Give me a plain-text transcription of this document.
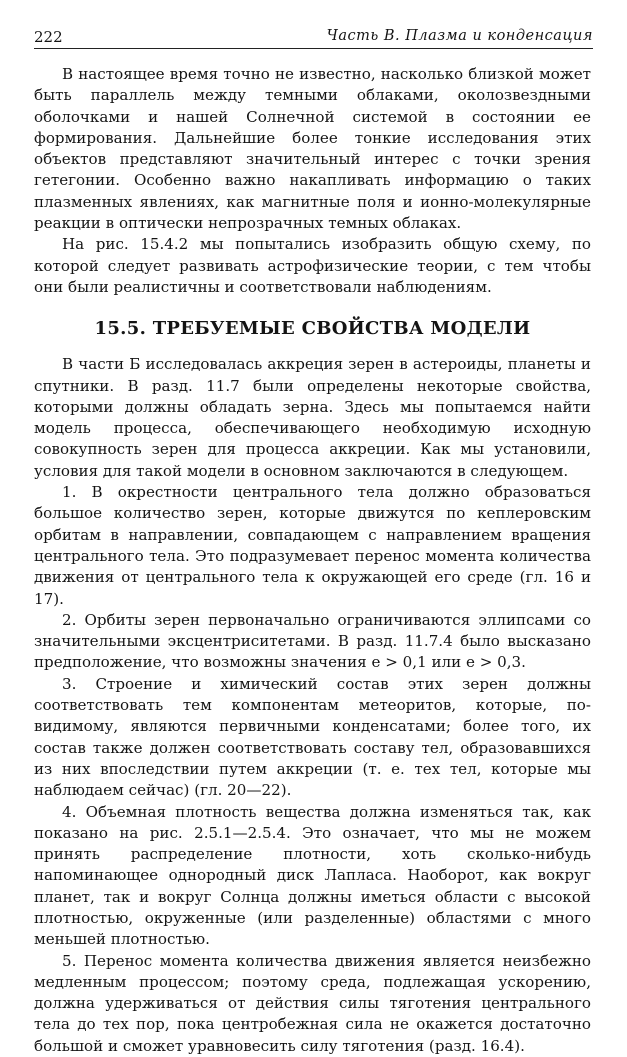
222	Часть В. Плазма и конденсация

В настоящее время точно не известно, насколько близкой может быть параллель между темными облаками, околозвездными оболочками и нашей Солнечной системой в состоянии ее формирования. Дальнейшие более тонкие исследования этих объектов представляют значительный интерес с точки зрения гетегонии. Особенно важно накапливать информацию о таких плазменных явлениях, как магнитные поля и ионно-молекулярные реакции в оптически непрозрачных темных облаках.

На рис. 15.4.2 мы попытались изобразить общую схему, по которой следует развивать астрофизические теории, с тем чтобы они были реалистичны и соответствовали наблюдениям.

15.5. ТРЕБУЕМЫЕ СВОЙСТВА МОДЕЛИ

В части Б исследовалась аккреция зерен в астероиды, планеты и спутники. В разд. 11.7 были определены некоторые свойства, которыми должны обладать зерна. Здесь мы попытаемся найти модель процесса, обеспечивающего необходимую исходную совокупность зерен для процесса аккреции. Как мы установили, условия для такой модели в основном заключаются в следующем.

1. В окрестности центрального тела должно образоваться большое количество зерен, которые движутся по кеплеровским орбитам в направлении, совпадающем с направлением вращения центрального тела. Это подразумевает перенос момента количества движения от центрального тела к окружающей его среде (гл. 16 и 17).

2. Орбиты зерен первоначально ограничиваются эллипсами со значительными эксцентриситетами. В разд. 11.7.4 было высказано предположение, что возможны значения e > 0,1 или e > 0,3.

3. Строение и химический состав этих зерен должны соответствовать тем компонентам метеоритов, которые, по-видимому, являются первичными конденсатами; более того, их состав также должен соответствовать составу тел, образовавшихся из них впоследствии путем аккреции (т. е. тех тел, которые мы наблюдаем сейчас) (гл. 20—22).

4. Объемная плотность вещества должна изменяться так, как показано на рис. 2.5.1—2.5.4. Это означает, что мы не можем принять распределение плотности, хоть сколько-нибудь напоминающее однородный диск Лапласа. Наоборот, как вокруг планет, так и вокруг Солнца должны иметься области с высокой плотностью, окруженные (или разделенные) областями с много меньшей плотностью.

5. Перенос момента количества движения является неизбежно медленным процессом; поэтому среда, подлежащая ускорению, должна удерживаться от действия силы тяготения центрального тела до тех пор, пока центробежная сила не окажется достаточно большой и сможет уравновесить силу тяготения (разд. 16.4).
